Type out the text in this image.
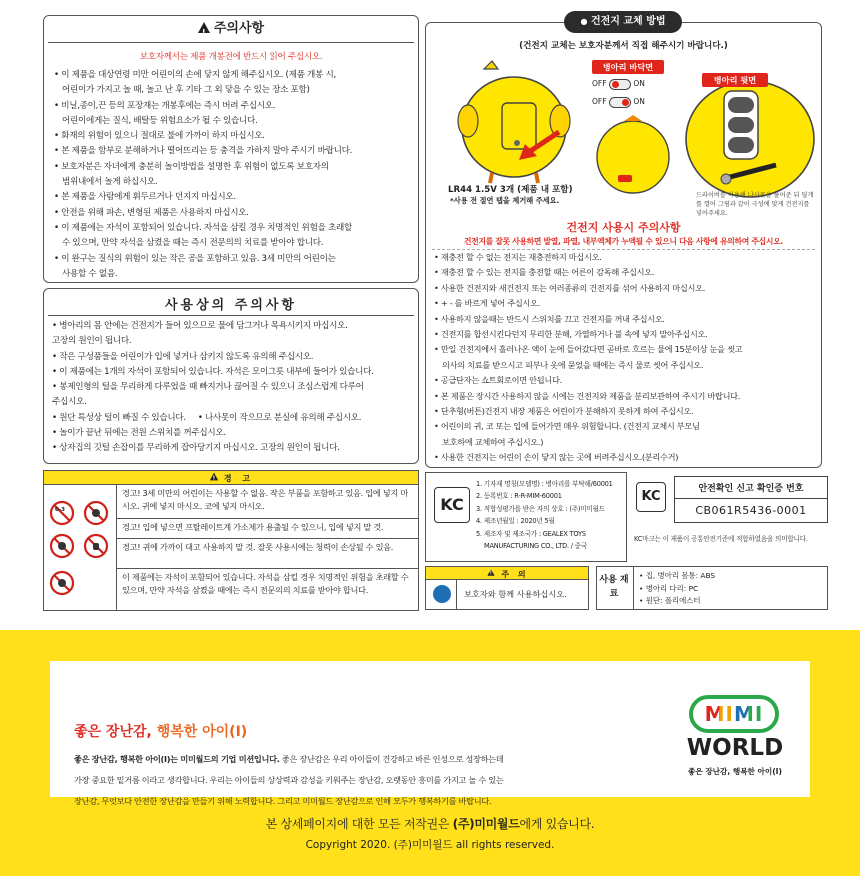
!주의사항
보호자께서는 제품 개봉전에 반드시 읽어 주십시오.
• 이 제품을 대상연령 미만 어린이의 손에 닿지 않게 해주십시오. (제품 개봉 시,
어린이가 가지고 놀 때, 놀고 난 후 기타 그 외 닿을 수 있는 장소 포함)
• 비닐,종이,끈 등의 포장재는 개봉후에는 즉시 버려 주십시오.
어린이에게는 질식, 배탈등 위험요소가 될 수 있습니다.
• 화재의 위험이 있으니 절대로 불에 가까이 하지 마십시오.
• 본 제품을 함부로 분해하거나 떨어뜨리는 등 충격을 가하지 말아 주시기 바랍니다.
• 보호자분은 자녀에게 충분히 놀이방법을 설명한 후 위험이 없도록 보호자의
범위내에서 놀게 하십시오.
• 본 제품을 사람에게 휘두르거나 던지지 마십시오.
• 안전을 위해 파손, 변형된 제품은 사용하지 마십시오.
• 이 제품에는 자석이 포함되어 있습니다. 자석을 삼킬 경우 치명적인 위험을 초래할
수 있으며, 만약 자석을 삼켰을 때는 즉시 전문의의 치료를 받아야 합니다.
• 이 완구는 질식의 위험이 있는 작은 공을 포함하고 있음. 3세 미만의 어린이는
사용할 수 없음.
사용상의 주의사항
• 병아리의 몸 안에는 건전지가 들어 있으므로 물에 담그거나 목욕시키지 마십시오.
고장의 원인이 됩니다.
• 작은 구성품들을 어린이가 입에 넣거나 삼키지 않도록 유의해 주십시오.
• 이 제품에는 1개의 자석이 포함되어 있습니다. 자석은 모이그릇 내부에 들어가 있습니다.
• 봉제인형의 털을 무리하게 다루었을 때 빠지거나 끊어질 수 있으니 조심스럽게 다루어
주십시오.
• 원단 특성상 털이 빠질 수 있습니다. • 나사못이 작으므로 분실에 유의해 주십시오.
• 놀이가 끝난 뒤에는 전원 스위치를 꺼주십시오.
• 상자집의 깃털 손잡이를 무리하게 잡아당기지 마십시오. 고장의 원인이 됩니다.
!경 고
0-3
경고! 3세 미만의 어린이는 사용할 수 없음. 작은 부품을 포함하고 있음. 입에 넣지 마시오. 귀에 넣지 마시오. 코에 넣지 마시오.
경고! 입에 넣으면 프탈레이트계 가소제가 용출될 수 있으니, 입에 넣지 말 것.
경고! 귀에 가까이 대고 사용하지 말 것. 잘못 사용시에는 청력이 손상될 수 있음.
이 제품에는 자석이 포함되어 있습니다. 자석을 삼킬 경우 치명적인 위험을 초래할 수 있으며, 만약 자석을 삼켰을 때에는 즉시 전문의의 치료를 받아야 합니다.
● 건전지 교체 방법
(건전지 교체는 보호자분께서 직접 해주시기 바랍니다.)
LR44 1.5V 3개 (제품 내 포함)
*사용 전 절연 탭을 제거해 주세요.
병아리 바닥면
OFF	ON
OFF	ON
병아리 뒷면
드라이버를 이용해 나사못을 풀어준 뒤 덮개를 열어 그림과 같이 극성에 맞게 건전지를 넣어주세요.
건전지 사용시 주의사항
건전지를 잘못 사용하면 발열, 파열, 내부액체가 누액될 수 있으니 다음 사항에 유의하여 주십시오.
• 재충전 할 수 없는 전지는 재충전하지 마십시오.
• 재충전 할 수 있는 전지를 충전할 때는 어른이 감독해 주십시오.
• 사용한 건전지와 새건전지 또는 여러종류의 건전지를 섞어 사용하지 마십시오.
• + - 를 바르게 넣어 주십시오.
• 사용하지 않을때는 반드시 스위치를 끄고 건전지를 꺼내 주십시오.
• 건전지를 합선시킨다던지 무리한 분해, 가열하거나 불 속에 넣지 말아주십시오.
• 만일 건전지에서 흘러나온 액이 눈에 들어갔다면 곧바로 흐르는 물에 15분이상 눈을 씻고
의사의 치료를 받으시고 피부나 옷에 묻었을 때에는 즉시 물로 씻어 주십시오.
• 공급단자는 쇼트회로이면 안됩니다.
• 본 제품은 장시간 사용하지 않을 시에는 건전지와 제품을 분리보관하여 주시기 바랍니다.
• 단추형(버튼)건전지 내장 제품은 어린이가 분해하지 못하게 하여 주십시오.
• 어린이의 귀, 코 또는 입에 들어가면 매우 위험합니다. (건전지 교체시 부모님
보호하에 교체하여 주십시오.)
• 사용한 건전지는 어린이 손이 닿지 않는 곳에 버려주십시오.(분리수거)
KC
1. 기자재 명칭(모델명) : 병아리를 부탁해/60001
2. 등록번호 : R-R-MIM-60001
3. 적합성평가를 받은 자의 상호 : (주)미미월드
4. 제조년월일 : 2020년 5월
5. 제조자 및 제조국가 : GEALEX TOYS
MANUFACTURING CO., LTD. / 중국
KC	안전확인 신고 확인증 번호
CB061R5436-0001
KC마크는 이 제품이 공통안전기준에 적합하였음을 의미합니다.
!주 의
보호자와 함께 사용하십시오.
사용 재료
• 집, 병아리 몸통: ABS
• 병아리 다리: PC
• 원단: 폴리에스터
좋은 장난감, 행복한 아이(I)
좋은 장난감, 행복한 아이(I)는 미미월드의 기업 미션입니다. 좋은 장난감은 우리 아이들이 건강하고 바른 인성으로 성장하는데
가장 중요한 밑거름 이라고 생각합니다. 우리는 아이들의 상상력과 감성을 키워주는 장난감, 오랫동안 흥미를 가지고 놀 수 있는
장난감, 무엇보다 안전한 장난감을 만들기 위해 노력합니다. 그리고 미미월드 장난감으로 인해 모두가 행복하기를 바랍니다.
MIMI
WORLD
좋은 장난감, 행복한 아이(I)
본 상세페이지에 대한 모든 저작권은 (주)미미월드에게 있습니다.
Copyright 2020. (주)미미월드 all rights reserved.
